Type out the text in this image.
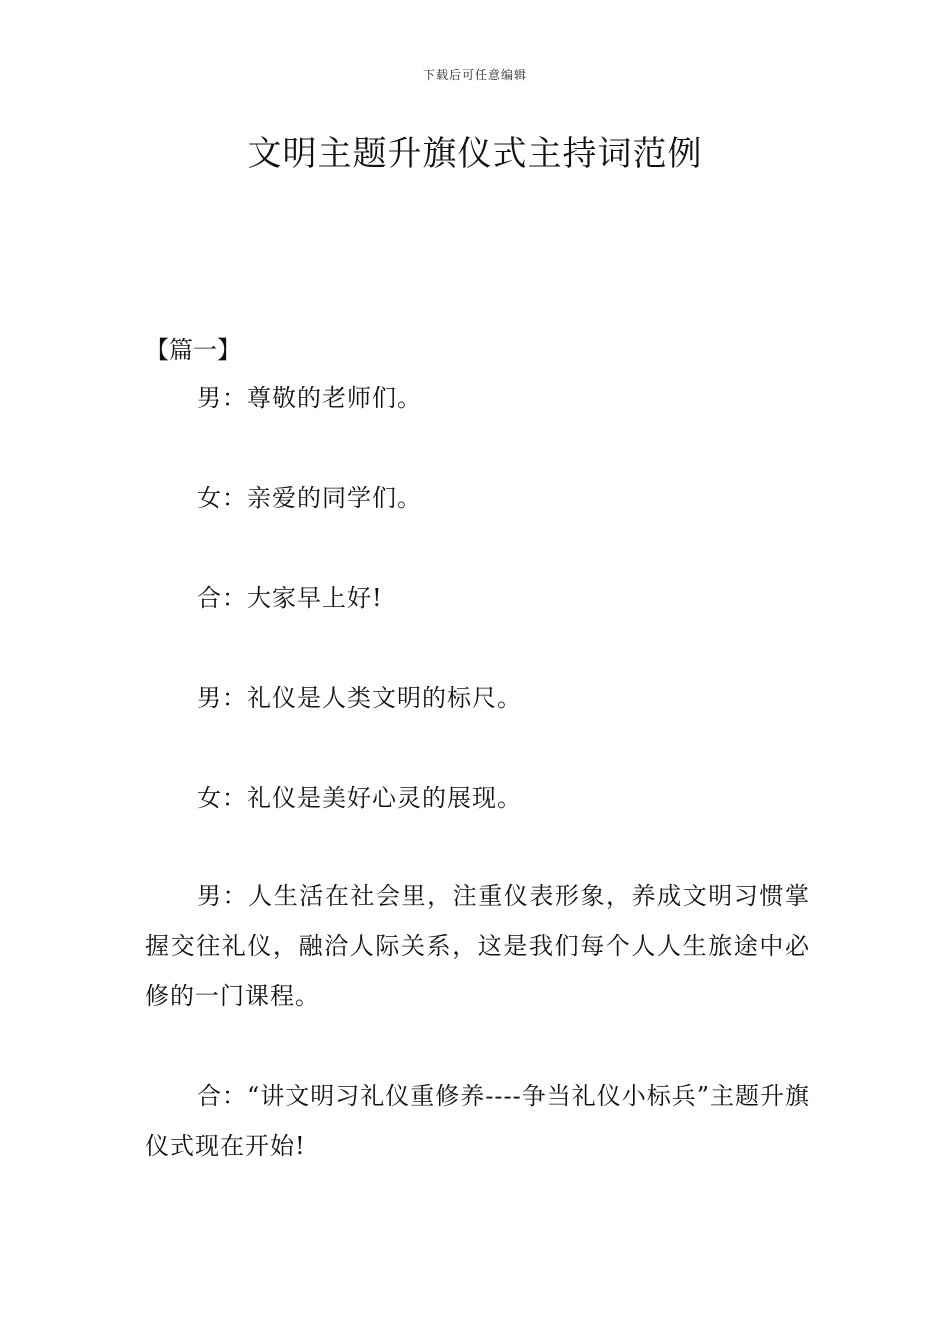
下载后可任意编辑
文明主题升旗仪式主持词范例
【篇一】

男：尊敬的老师们。

女：亲爱的同学们。

合：大家早上好!

男：礼仪是人类文明的标尺。

女：礼仪是美好心灵的展现。

男：人生活在社会里，注重仪表形象，养成文明习惯掌握交往礼仪，融洽人际关系，这是我们每个人人生旅途中必修的一门课程。

合：“讲文明习礼仪重修养----争当礼仪小标兵”主题升旗仪式现在开始!
